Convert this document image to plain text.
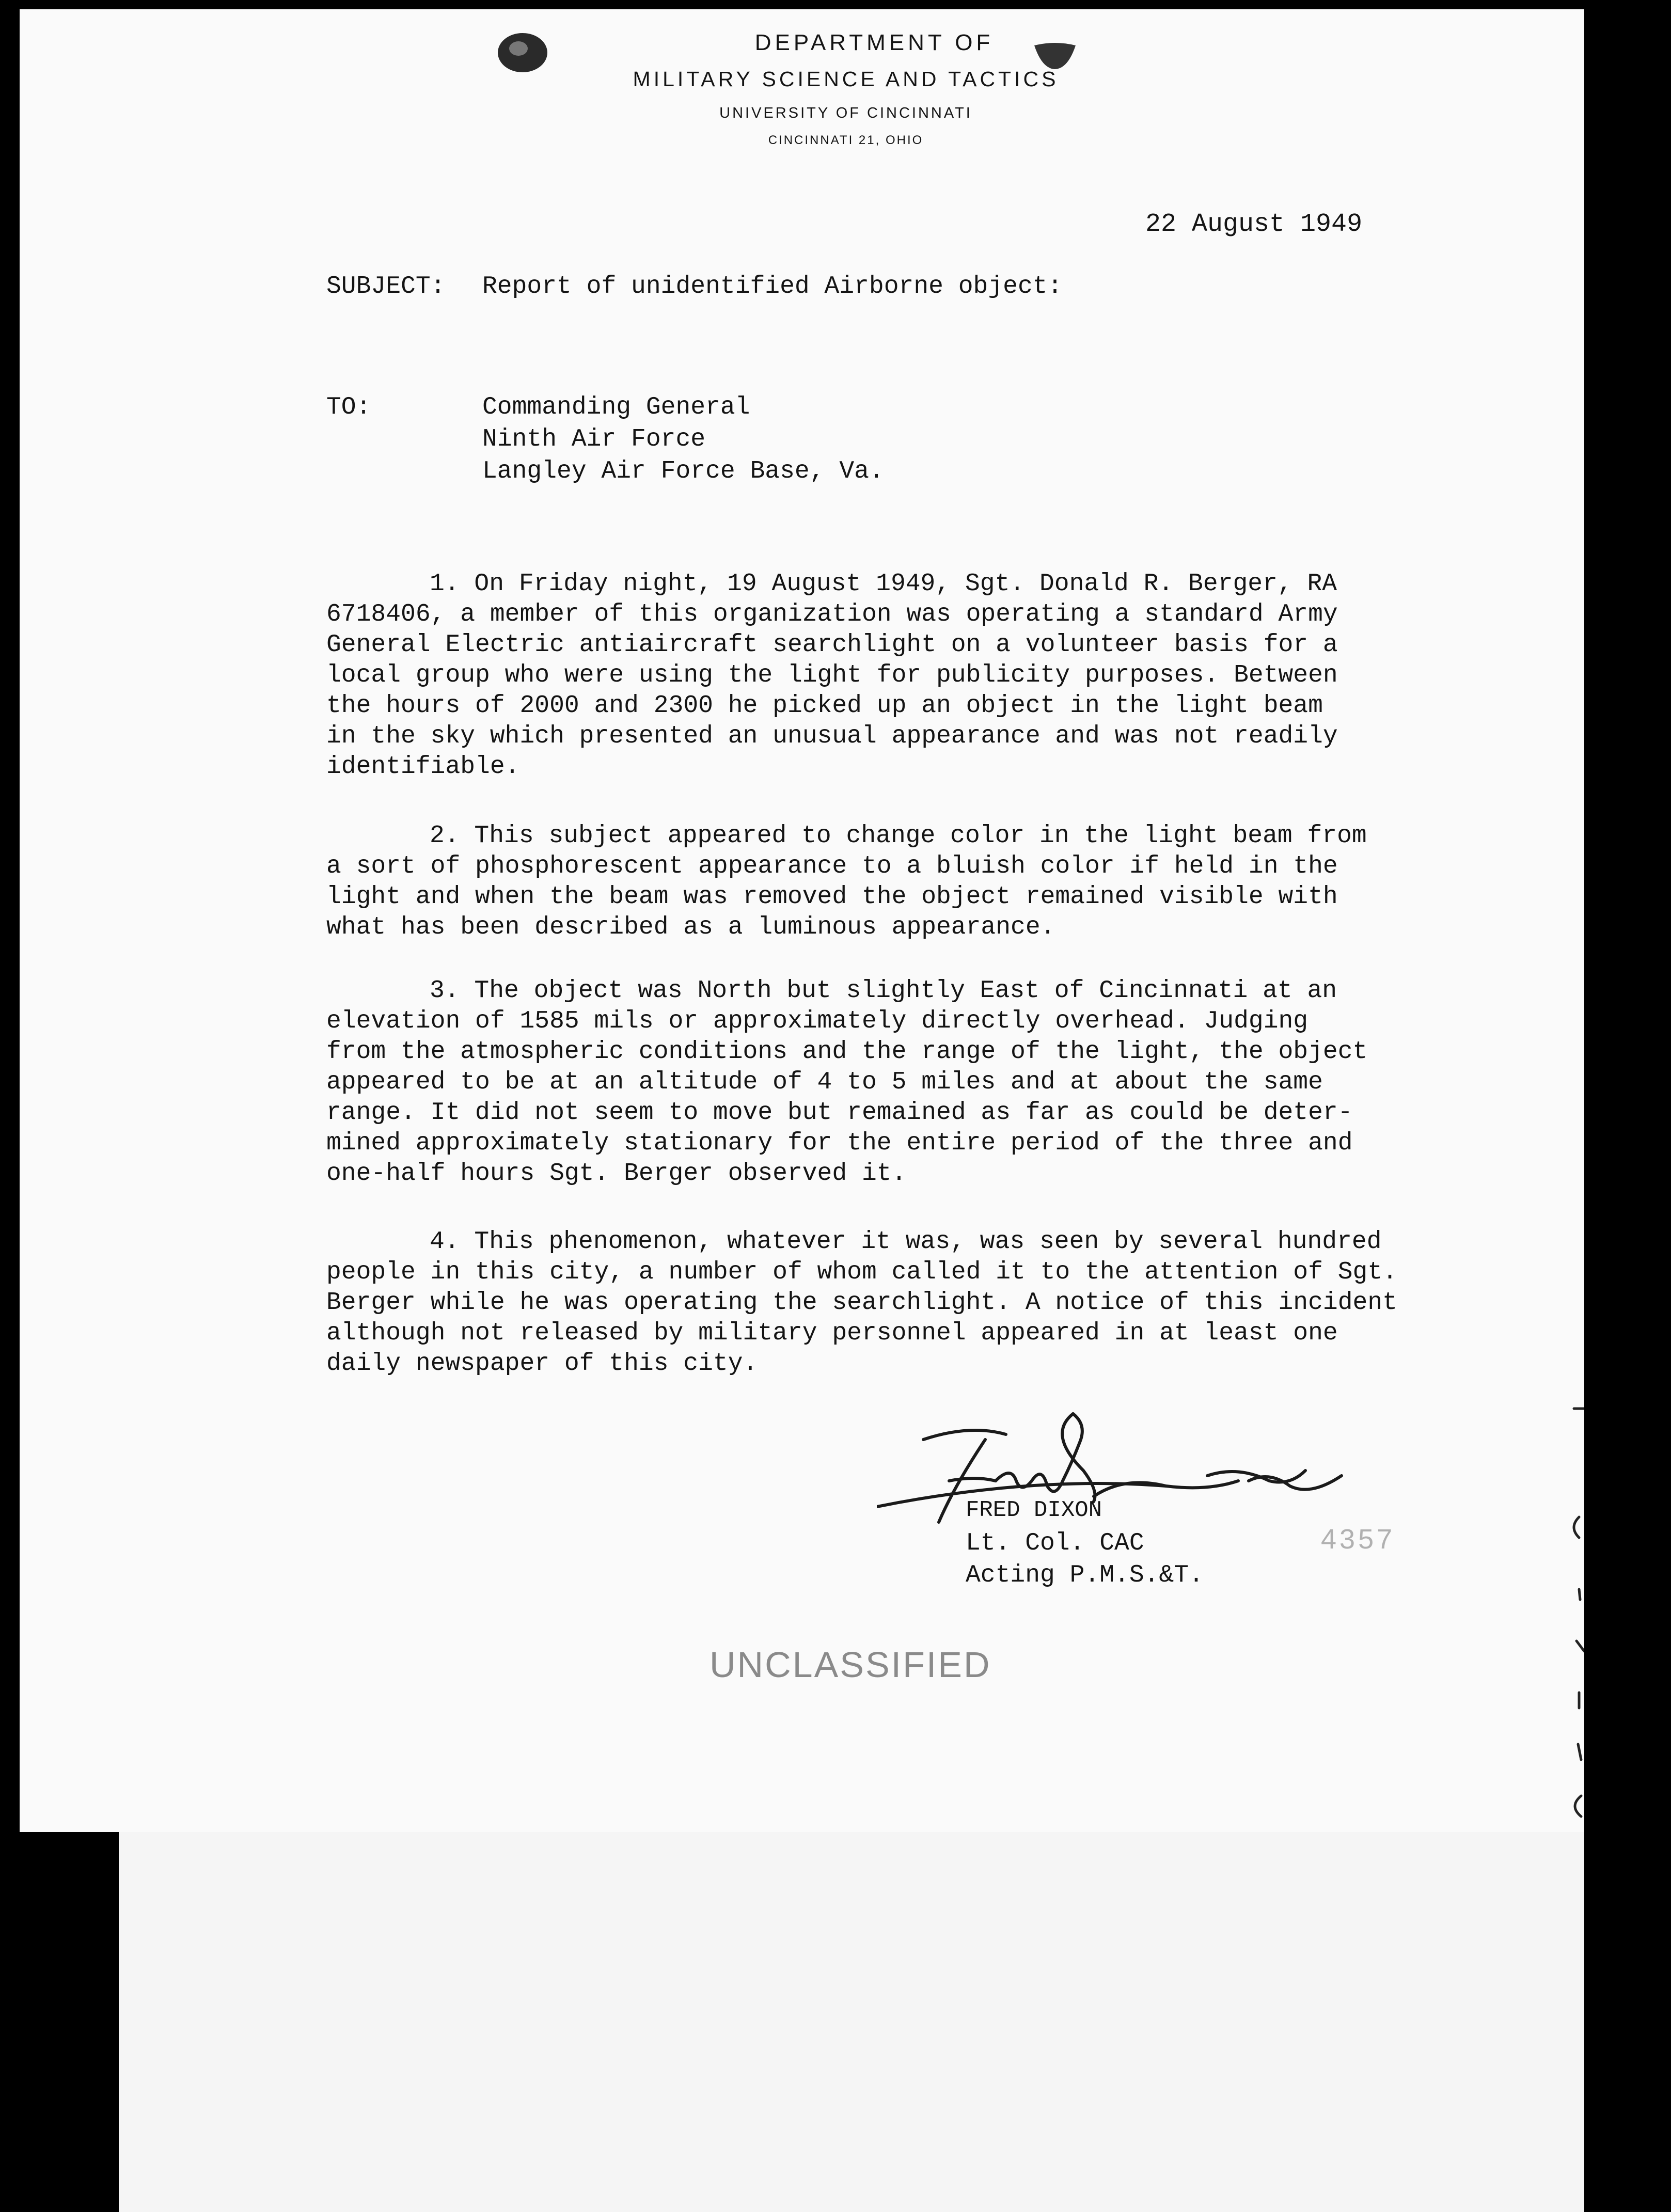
DEPARTMENT OF
MILITARY SCIENCE AND TACTICS
UNIVERSITY OF CINCINNATI
CINCINNATI 21, OHIO
22 August 1949
SUBJECT: Report of unidentified Airborne object:
TO:	Commanding General
Ninth Air Force
Langley Air Force Base, Va.
1. On Friday night, 19 August 1949, Sgt. Donald R. Berger, RA
6718406, a member of this organization was operating a standard Army
General Electric antiaircraft searchlight on a volunteer basis for a
local group who were using the light for publicity purposes. Between
the hours of 2000 and 2300 he picked up an object in the light beam
in the sky which presented an unusual appearance and was not readily
identifiable.
2. This subject appeared to change color in the light beam from
a sort of phosphorescent appearance to a bluish color if held in the
light and when the beam was removed the object remained visible with
what has been described as a luminous appearance.
3. The object was North but slightly East of Cincinnati at an
elevation of 1585 mils or approximately directly overhead. Judging
from the atmospheric conditions and the range of the light, the object
appeared to be at an altitude of 4 to 5 miles and at about the same
range. It did not seem to move but remained as far as could be deter-
mined approximately stationary for the entire period of the three and
one-half hours Sgt. Berger observed it.
4. This phenomenon, whatever it was, was seen by several hundred
people in this city, a number of whom called it to the attention of Sgt.
Berger while he was operating the searchlight. A notice of this incident
although not released by military personnel appeared in at least one
daily newspaper of this city.
FRED DIXON
Lt. Col. CAC
Acting P.M.S.&T.
4357
UNCLASSIFIED
